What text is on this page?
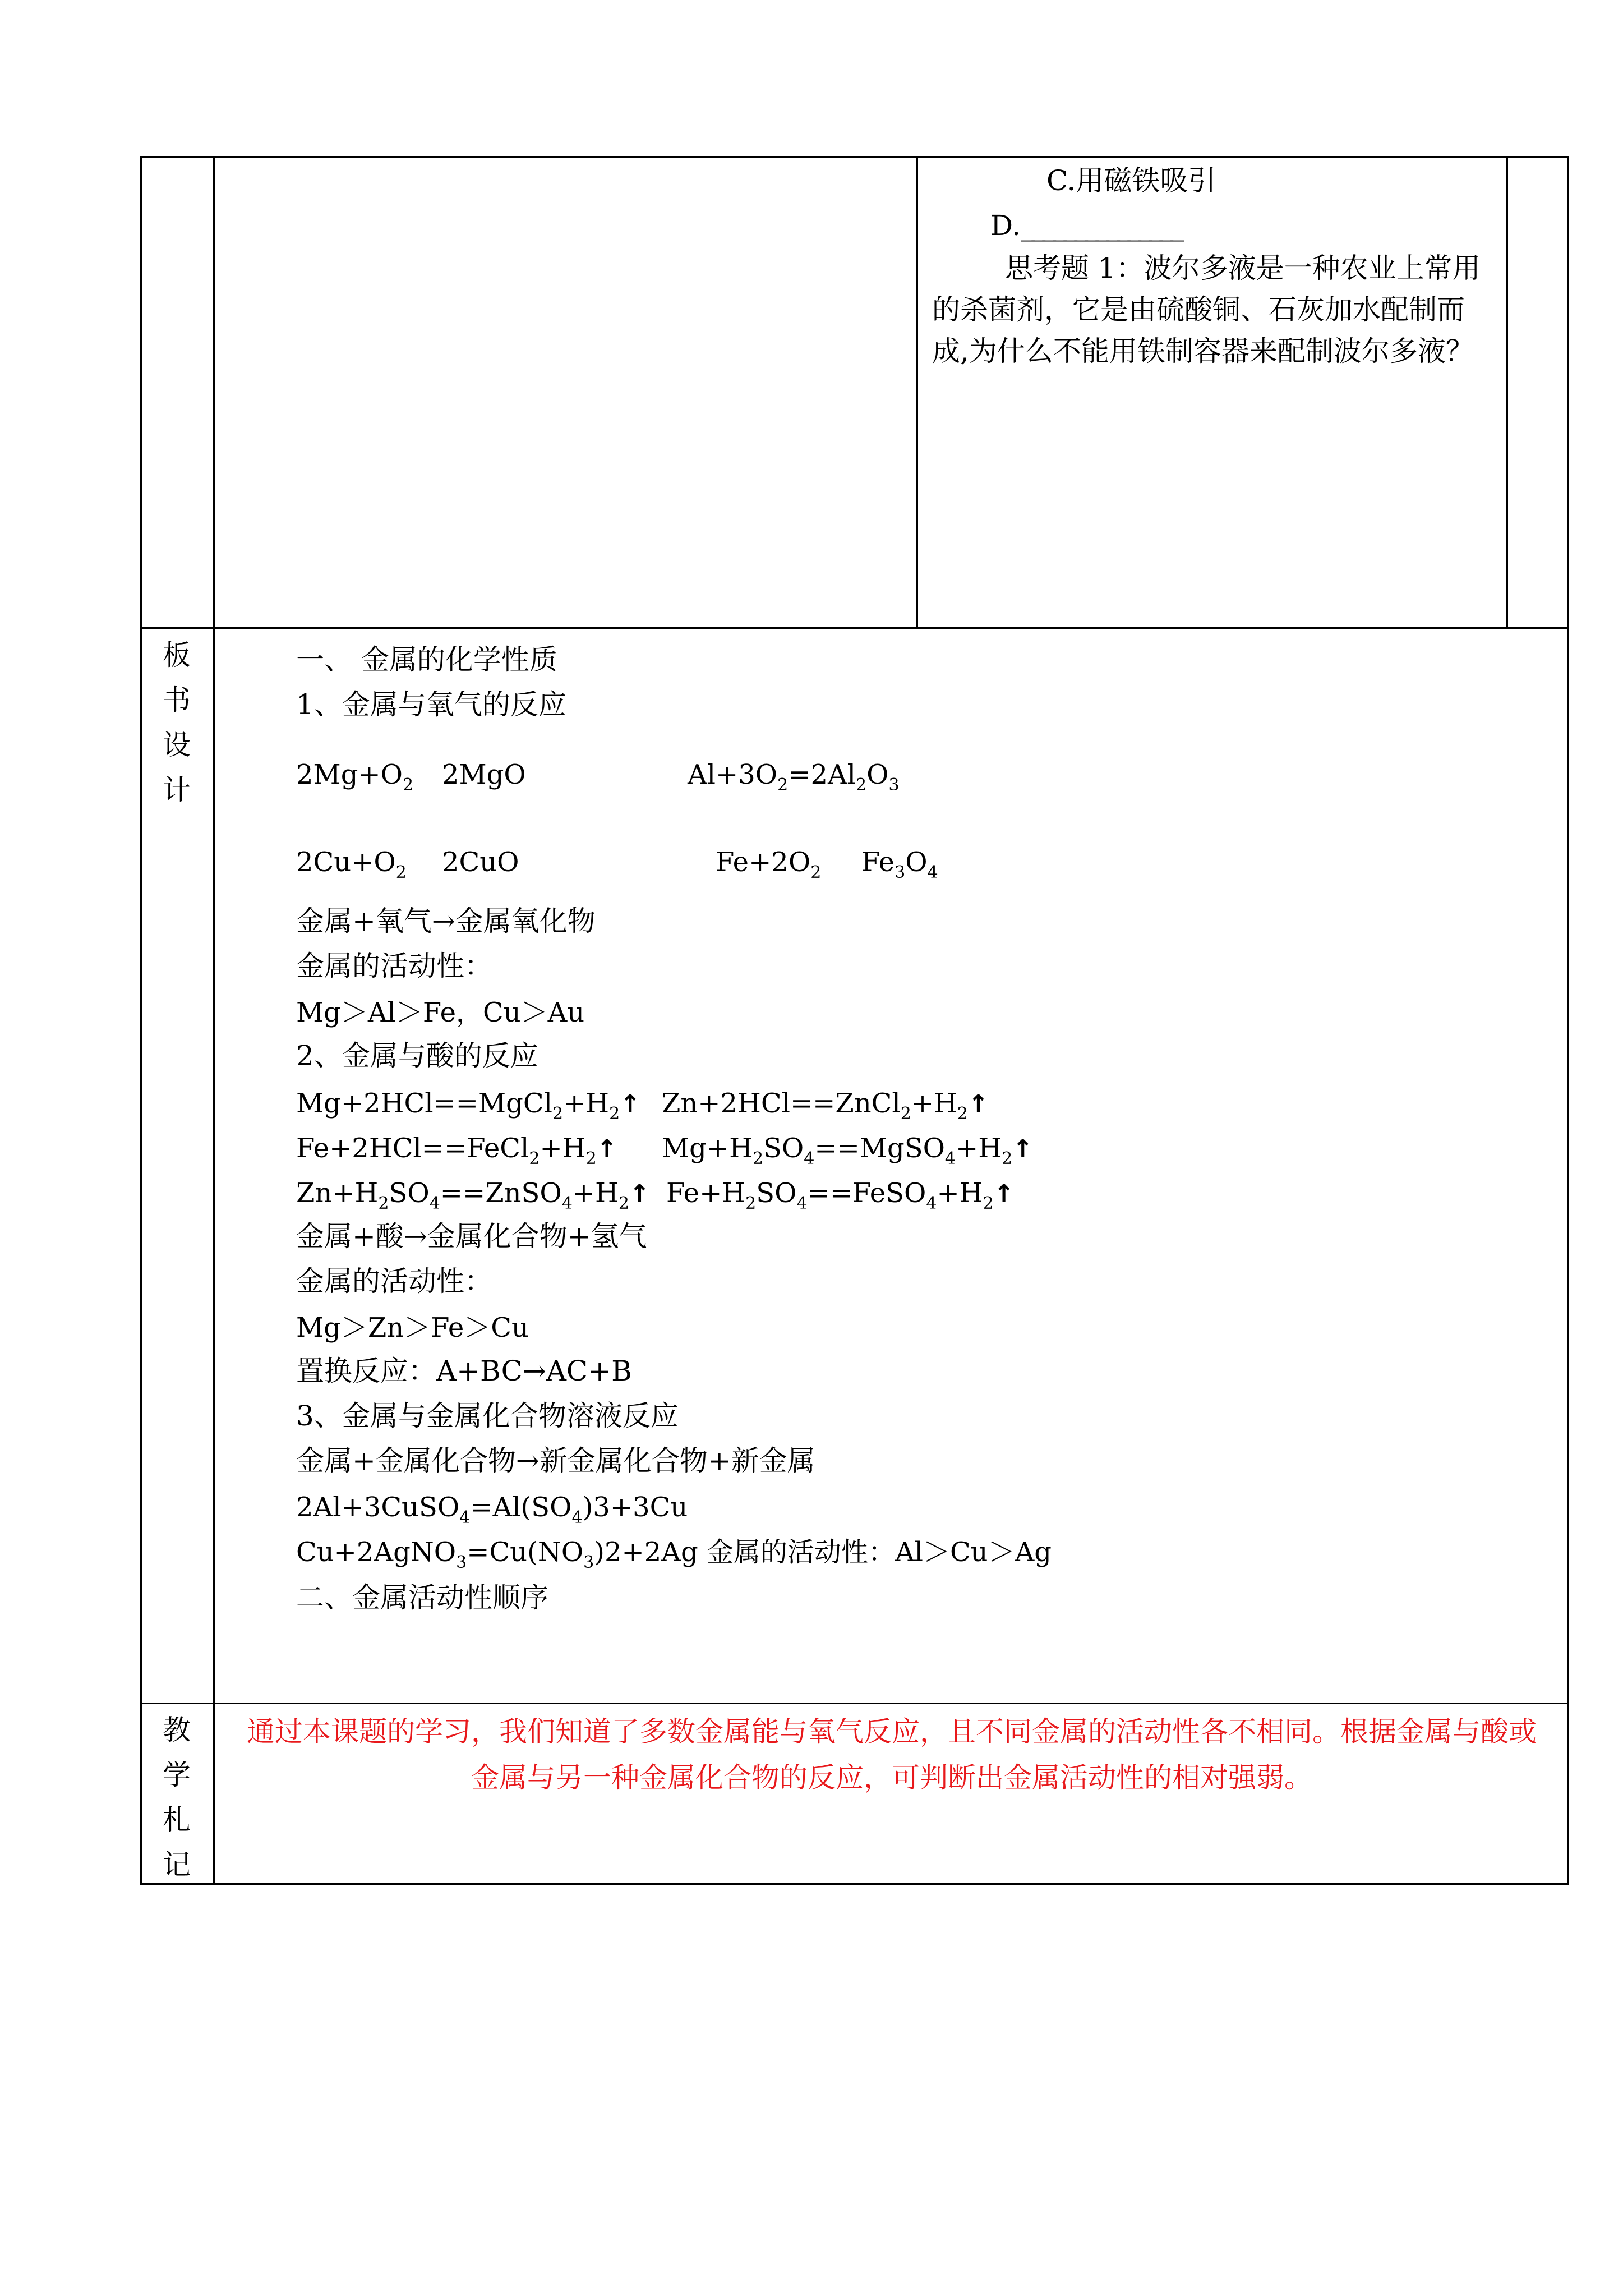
C.用磁铁吸引
D._______________
思考题 1：波尔多液是一种农业上常用
的杀菌剂，它是由硫酸铜、石灰加水配制而
成,为什么不能用铁制容器来配制波尔多液？
板
书
设
计
一、 金属的化学性质
1、金属与氧气的反应
$2Mg+O_2$ 2MgO	$Al+3O_2=2Al_2O_3$
$2Cu+O_2$ 2CuO	$Fe+2O_2$ $Fe_3O_4$
金属+氧气→金属氧化物
金属的活动性：
Mg＞Al＞Fe，Cu＞Au
2、金属与酸的反应
$Mg+2HCl==MgCl_2+H_2↑$ $Zn+2HCl==ZnCl_2+H_2↑$
$Fe+2HCl==FeCl_2+H_2↑$ $Mg+H_2SO_4==MgSO_4+H_2↑$
$Zn+H_2SO_4==ZnSO_4+H_2↑$ $Fe+H_2SO_4==FeSO_4+H_2↑$
金属+酸→金属化合物+氢气
金属的活动性：
Mg＞Zn＞Fe＞Cu
置换反应：A+BC→AC+B
3、金属与金属化合物溶液反应
金属+金属化合物→新金属化合物+新金属
$2Al+3CuSO_4=Al(SO_4)3+3Cu$
$Cu+2AgNO_3=Cu(NO_3)2+2Ag$ 金属的活动性：Al＞Cu＞Ag
二、金属活动性顺序
教
学
札
记
通过本课题的学习，我们知道了多数金属能与氧气反应，且不同金属的活动性各不相同。根据金属与酸或
金属与另一种金属化合物的反应，可判断出金属活动性的相对强弱。
